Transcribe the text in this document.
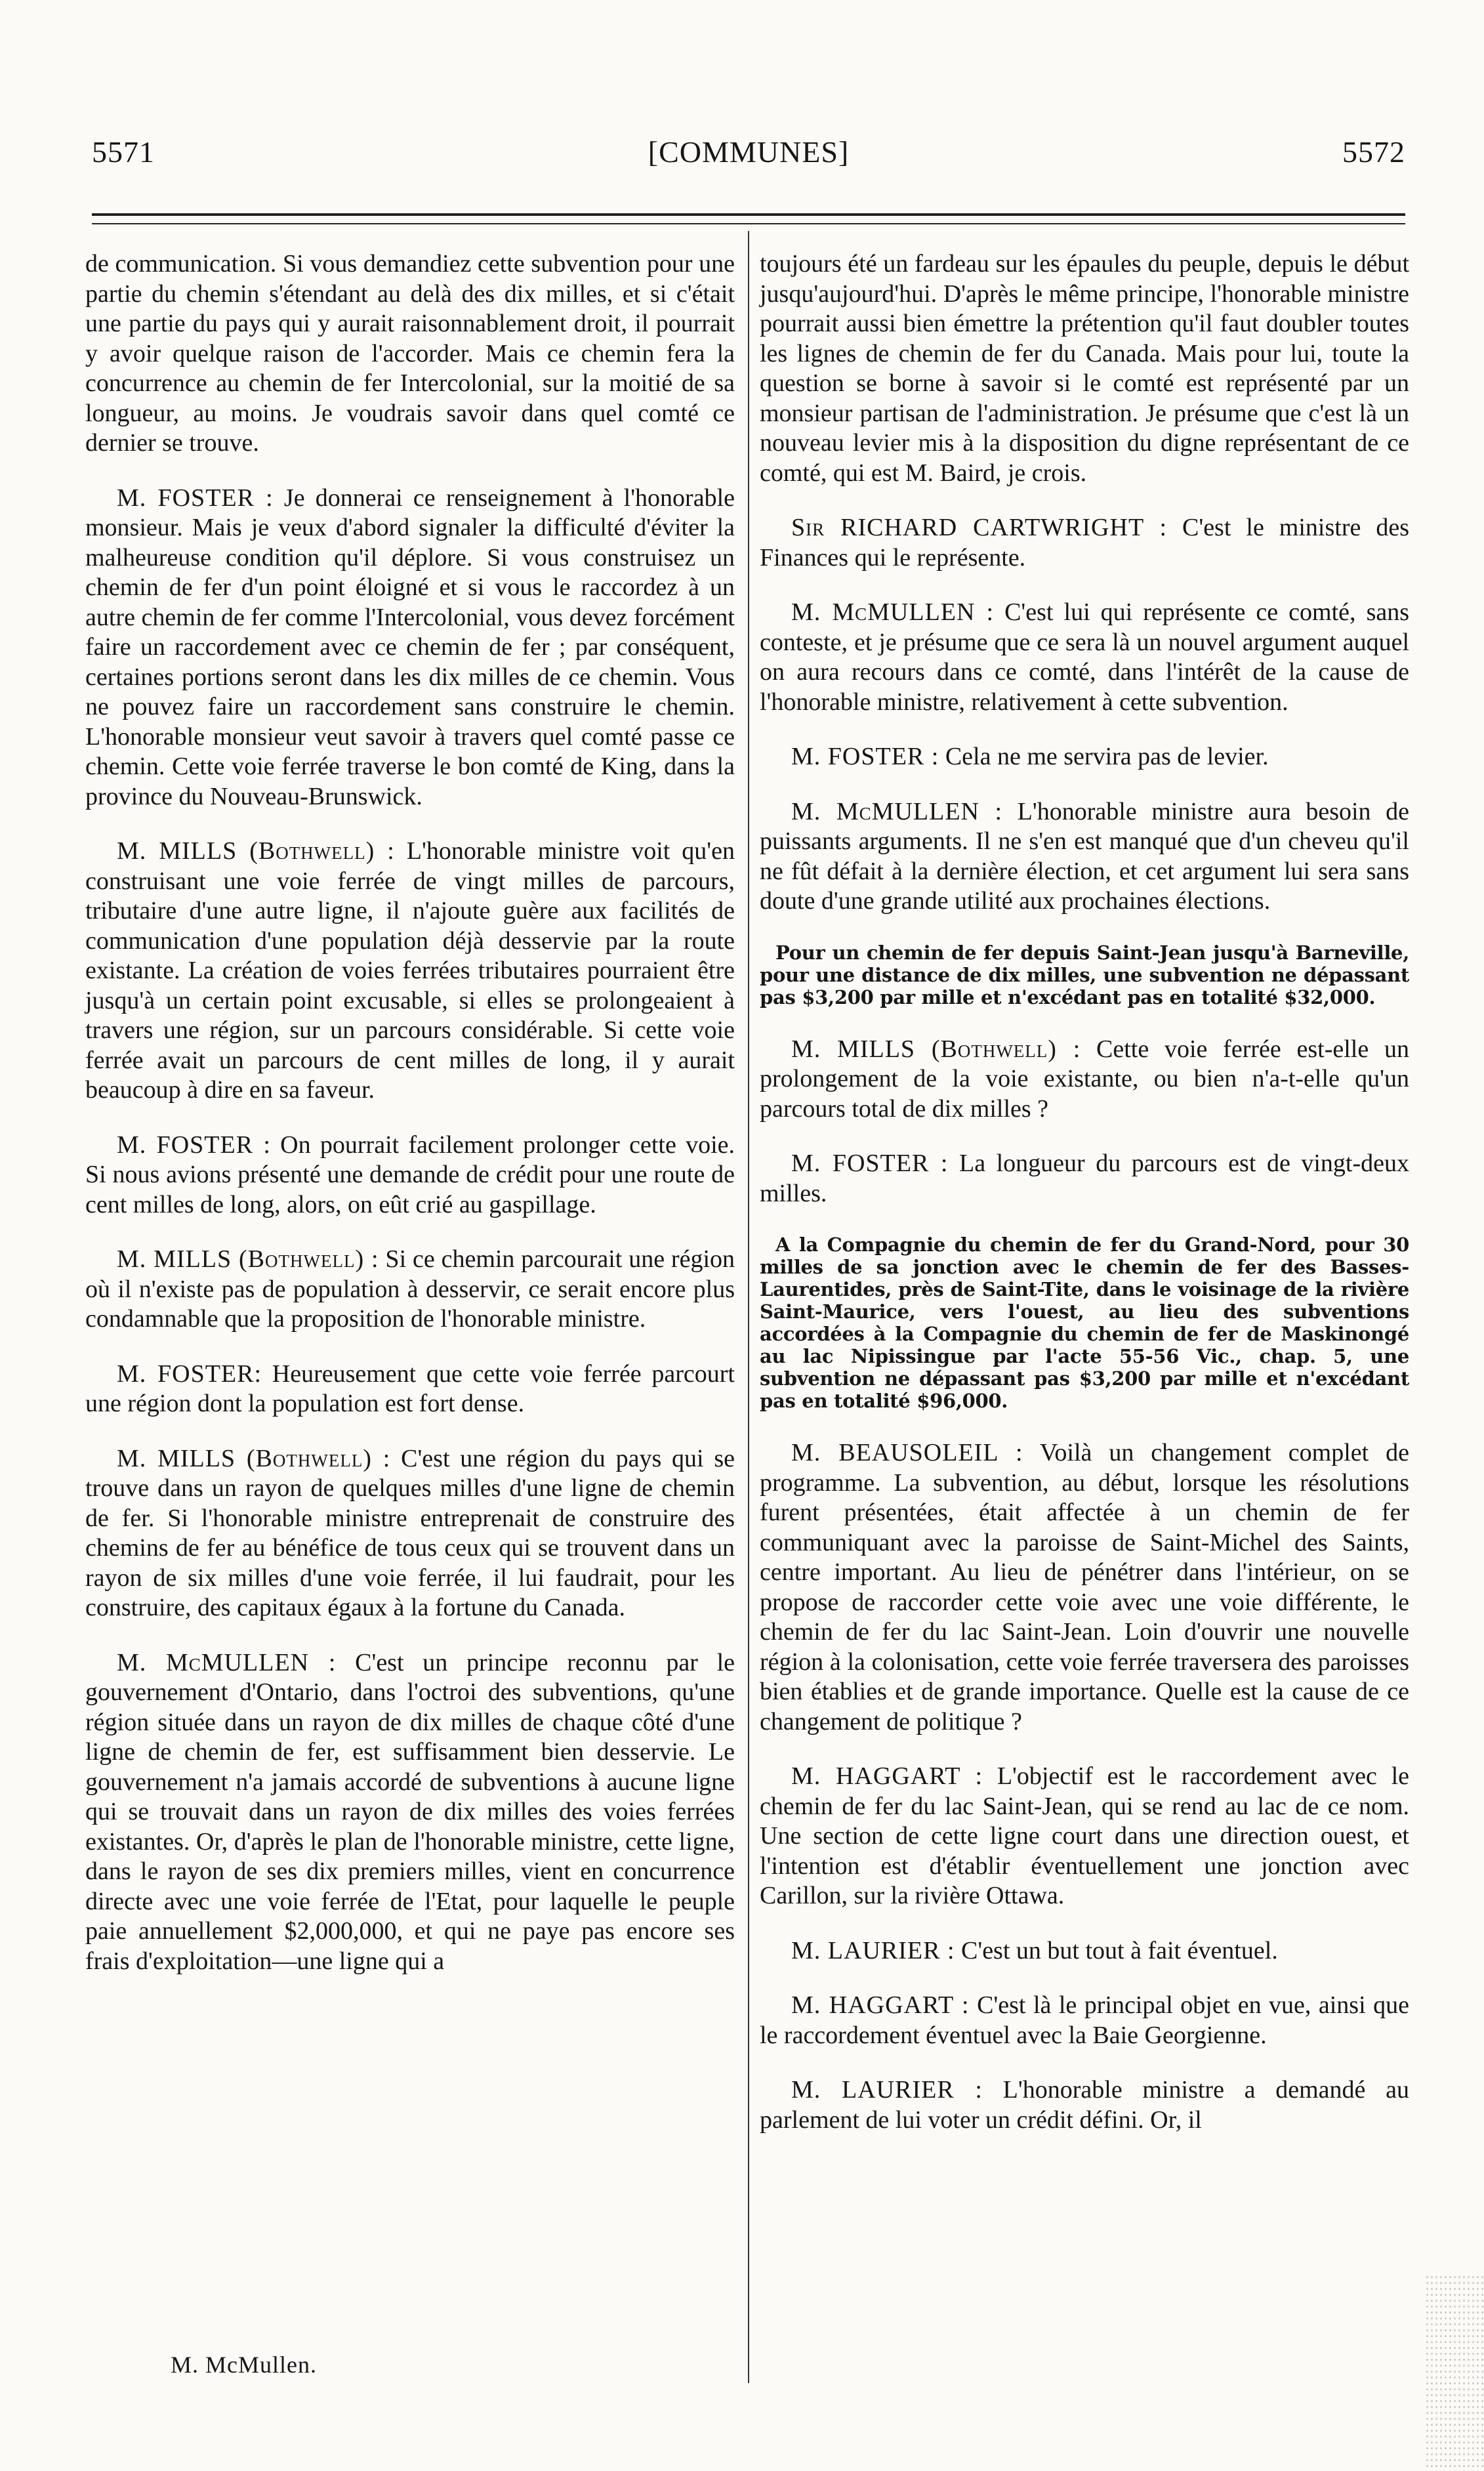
5571	[COMMUNES]	5572

de communication. Si vous demandiez cette subvention pour une partie du chemin s'étendant au delà des dix milles, et si c'était une partie du pays qui y aurait raisonnablement droit, il pourrait y avoir quelque raison de l'accorder. Mais ce chemin fera la concurrence au chemin de fer Intercolonial, sur la moitié de sa longueur, au moins. Je voudrais savoir dans quel comté ce dernier se trouve.

M. FOSTER : Je donnerai ce renseignement à l'honorable monsieur. Mais je veux d'abord signaler la difficulté d'éviter la malheureuse condition qu'il déplore. Si vous construisez un chemin de fer d'un point éloigné et si vous le raccordez à un autre chemin de fer comme l'Intercolonial, vous devez forcément faire un raccordement avec ce chemin de fer ; par conséquent, certaines portions seront dans les dix milles de ce chemin. Vous ne pouvez faire un raccordement sans construire le chemin. L'honorable monsieur veut savoir à travers quel comté passe ce chemin. Cette voie ferrée traverse le bon comté de King, dans la province du Nouveau-Brunswick.

M. MILLS (Bothwell) : L'honorable ministre voit qu'en construisant une voie ferrée de vingt milles de parcours, tributaire d'une autre ligne, il n'ajoute guère aux facilités de communication d'une population déjà desservie par la route existante. La création de voies ferrées tributaires pourraient être jusqu'à un certain point excusable, si elles se prolongeaient à travers une région, sur un parcours considérable. Si cette voie ferrée avait un parcours de cent milles de long, il y aurait beaucoup à dire en sa faveur.

M. FOSTER : On pourrait facilement prolonger cette voie. Si nous avions présenté une demande de crédit pour une route de cent milles de long, alors, on eût crié au gaspillage.

M. MILLS (Bothwell) : Si ce chemin parcourait une région où il n'existe pas de population à desservir, ce serait encore plus condamnable que la proposition de l'honorable ministre.

M. FOSTER: Heureusement que cette voie ferrée parcourt une région dont la population est fort dense.

M. MILLS (Bothwell) : C'est une région du pays qui se trouve dans un rayon de quelques milles d'une ligne de chemin de fer. Si l'honorable ministre entreprenait de construire des chemins de fer au bénéfice de tous ceux qui se trouvent dans un rayon de six milles d'une voie ferrée, il lui faudrait, pour les construire, des capitaux égaux à la fortune du Canada.

M. McMULLEN : C'est un principe reconnu par le gouvernement d'Ontario, dans l'octroi des subventions, qu'une région située dans un rayon de dix milles de chaque côté d'une ligne de chemin de fer, est suffisamment bien desservie. Le gouvernement n'a jamais accordé de subventions à aucune ligne qui se trouvait dans un rayon de dix milles des voies ferrées existantes. Or, d'après le plan de l'honorable ministre, cette ligne, dans le rayon de ses dix premiers milles, vient en concurrence directe avec une voie ferrée de l'Etat, pour laquelle le peuple paie annuellement $2,000,000, et qui ne paye pas encore ses frais d'exploitation—une ligne qui a

toujours été un fardeau sur les épaules du peuple, depuis le début jusqu'aujourd'hui. D'après le même principe, l'honorable ministre pourrait aussi bien émettre la prétention qu'il faut doubler toutes les lignes de chemin de fer du Canada. Mais pour lui, toute la question se borne à savoir si le comté est représenté par un monsieur partisan de l'administration. Je présume que c'est là un nouveau levier mis à la disposition du digne représentant de ce comté, qui est M. Baird, je crois.

Sir RICHARD CARTWRIGHT : C'est le ministre des Finances qui le représente.

M. McMULLEN : C'est lui qui représente ce comté, sans conteste, et je présume que ce sera là un nouvel argument auquel on aura recours dans ce comté, dans l'intérêt de la cause de l'honorable ministre, relativement à cette subvention.

M. FOSTER : Cela ne me servira pas de levier.

M. McMULLEN : L'honorable ministre aura besoin de puissants arguments. Il ne s'en est manqué que d'un cheveu qu'il ne fût défait à la dernière élection, et cet argument lui sera sans doute d'une grande utilité aux prochaines élections.

Pour un chemin de fer depuis Saint-Jean jusqu'à Barneville, pour une distance de dix milles, une subvention ne dépassant pas $3,200 par mille et n'excédant pas en totalité $32,000.

M. MILLS (Bothwell) : Cette voie ferrée est-elle un prolongement de la voie existante, ou bien n'a-t-elle qu'un parcours total de dix milles ?

M. FOSTER : La longueur du parcours est de vingt-deux milles.

A la Compagnie du chemin de fer du Grand-Nord, pour 30 milles de sa jonction avec le chemin de fer des Basses-Laurentides, près de Saint-Tite, dans le voisinage de la rivière Saint-Maurice, vers l'ouest, au lieu des subventions accordées à la Compagnie du chemin de fer de Maskinongé au lac Nipissingue par l'acte 55-56 Vic., chap. 5, une subvention ne dépassant pas $3,200 par mille et n'excédant pas en totalité $96,000.

M. BEAUSOLEIL : Voilà un changement complet de programme. La subvention, au début, lorsque les résolutions furent présentées, était affectée à un chemin de fer communiquant avec la paroisse de Saint-Michel des Saints, centre important. Au lieu de pénétrer dans l'intérieur, on se propose de raccorder cette voie avec une voie différente, le chemin de fer du lac Saint-Jean. Loin d'ouvrir une nouvelle région à la colonisation, cette voie ferrée traversera des paroisses bien établies et de grande importance. Quelle est la cause de ce changement de politique ?

M. HAGGART : L'objectif est le raccordement avec le chemin de fer du lac Saint-Jean, qui se rend au lac de ce nom. Une section de cette ligne court dans une direction ouest, et l'intention est d'établir éventuellement une jonction avec Carillon, sur la rivière Ottawa.

M. LAURIER : C'est un but tout à fait éventuel.

M. HAGGART : C'est là le principal objet en vue, ainsi que le raccordement éventuel avec la Baie Georgienne.

M. LAURIER : L'honorable ministre a demandé au parlement de lui voter un crédit défini. Or, il

M. McMullen.
